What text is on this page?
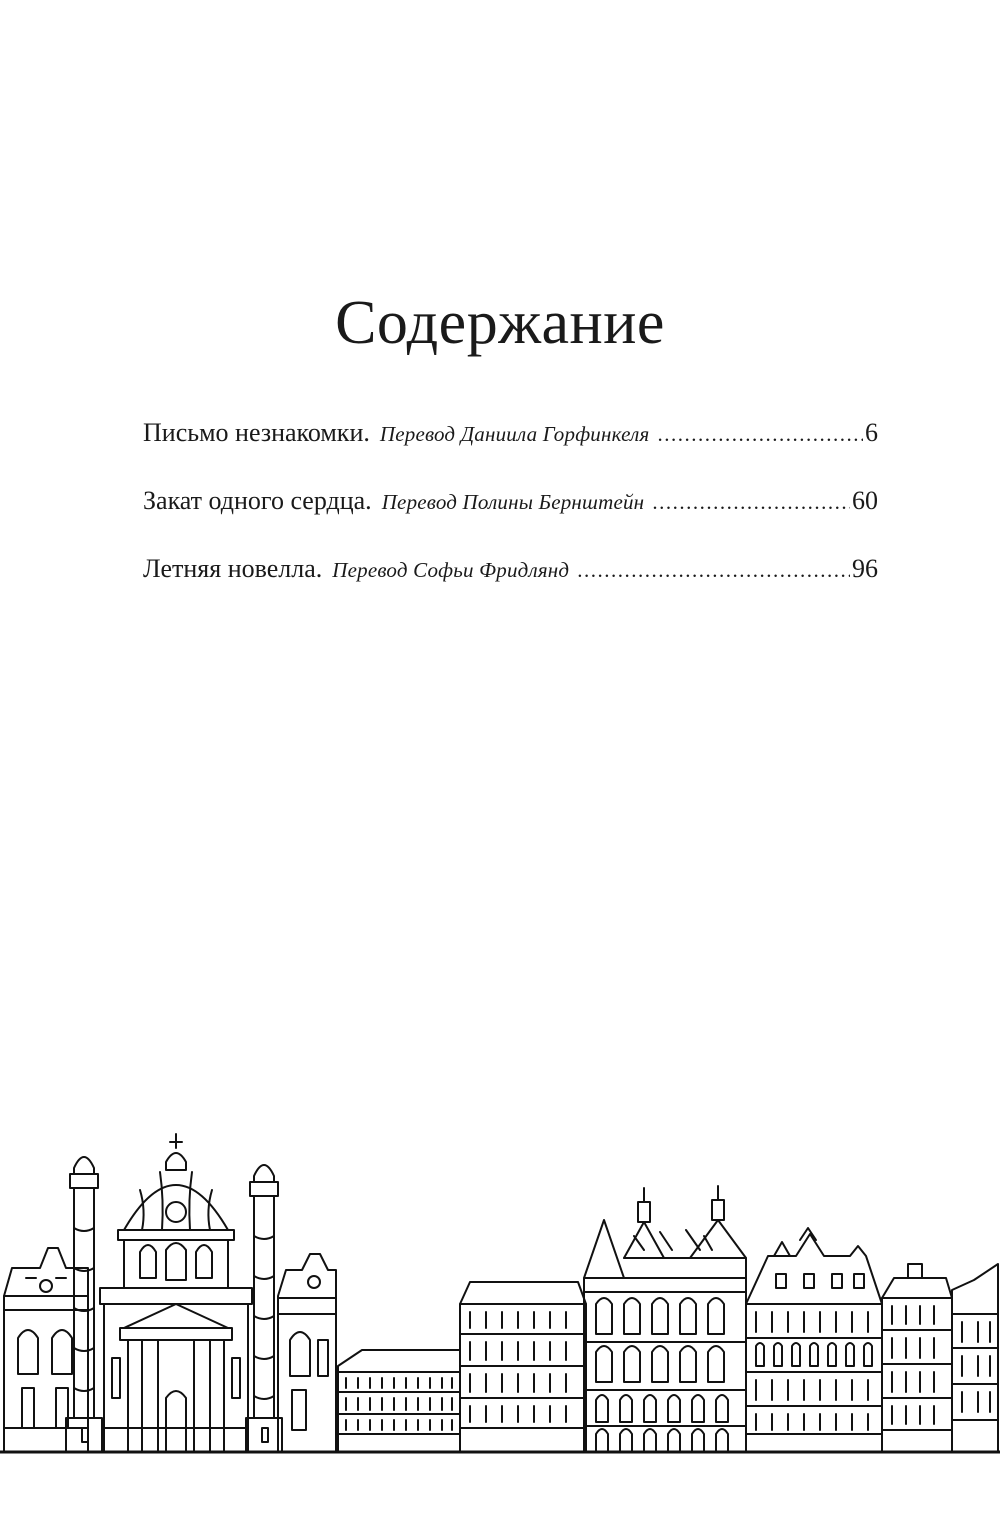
Содержание
Письмо незнакомки. Перевод Даниила Горфинкеля .....	6
Закат одного сердца. Перевод Полины Бернштейн .....	60
Летняя новелла. Перевод Софьи Фридлянд .....	96
